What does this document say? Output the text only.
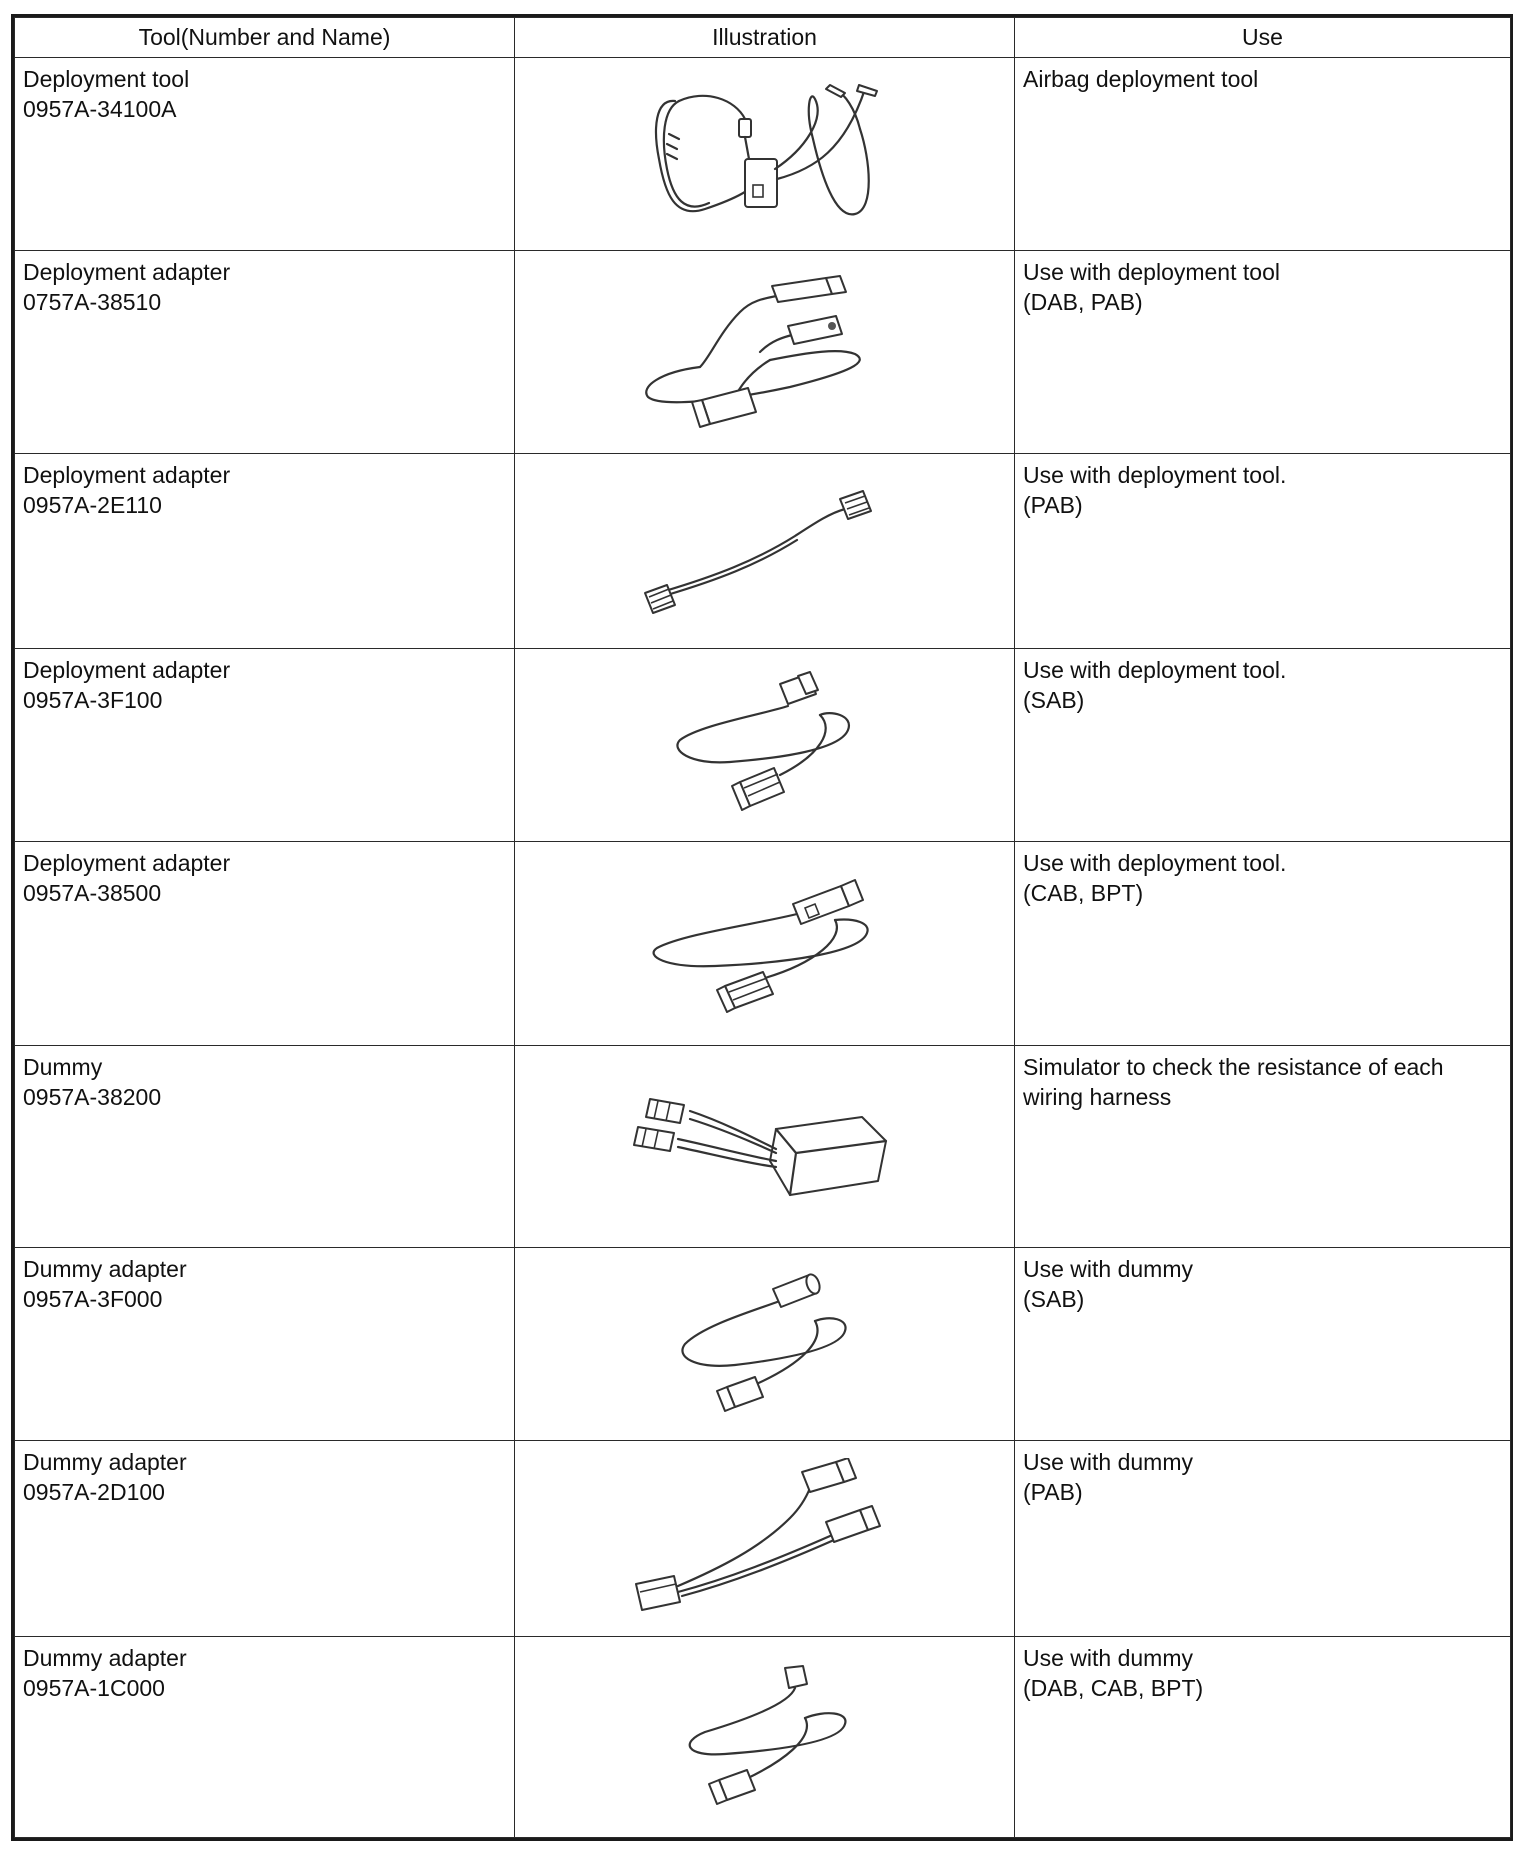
Tool(Number and Name)	Illustration	Use

Deployment tool
0957A-34100A		Airbag deployment tool

Deployment adapter
0757A-38510		Use with deployment tool
(DAB, PAB)

Deployment adapter
0957A-2E110		Use with deployment tool.
(PAB)

Deployment adapter
0957A-3F100		Use with deployment tool.
(SAB)

Deployment adapter
0957A-38500		Use with deployment tool.
(CAB, BPT)

Dummy
0957A-38200		Simulator to check the resistance of each
wiring harness

Dummy adapter
0957A-3F000		Use with dummy
(SAB)

Dummy adapter
0957A-2D100		Use with dummy
(PAB)

Dummy adapter
0957A-1C000		Use with dummy
(DAB, CAB, BPT)
